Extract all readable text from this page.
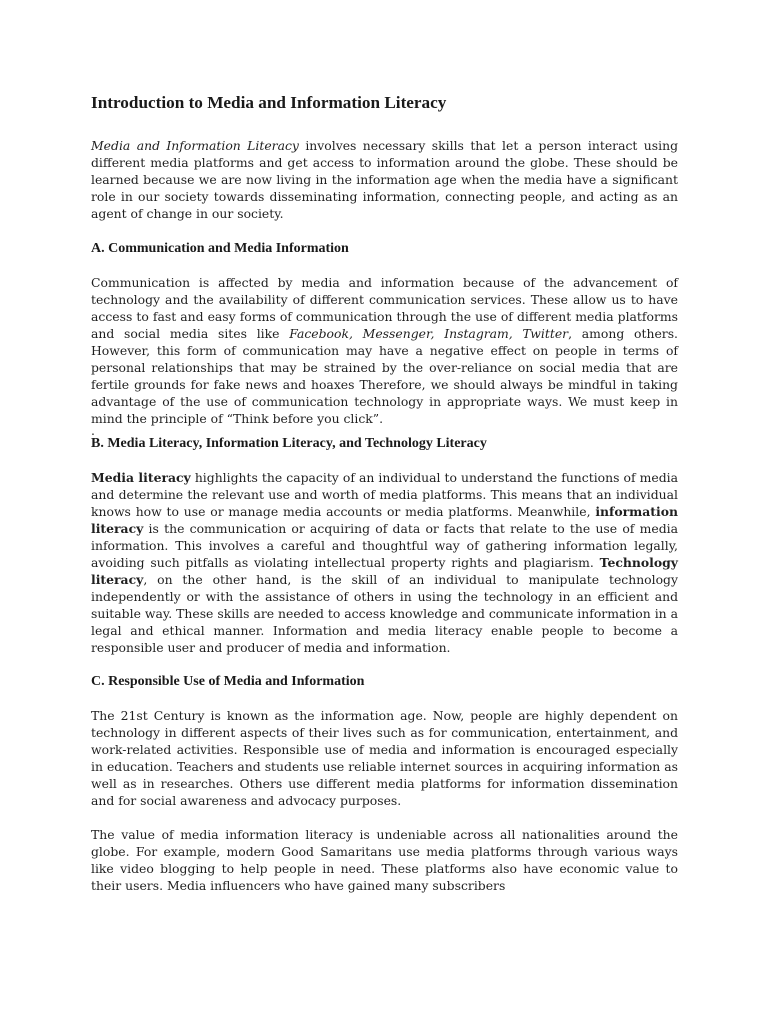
Introduction to Media and Information Literacy

Media and Information Literacy involves necessary skills that let a person interact using different media platforms and get access to information around the globe. These should be learned because we are now living in the information age when the media have a significant role in our society towards disseminating information, connecting people, and acting as an agent of change in our society.

A. Communication and Media Information

Communication is affected by media and information because of the advancement of technology and the availability of different communication services. These allow us to have access to fast and easy forms of communication through the use of different media platforms and social media sites like Facebook, Messenger, Instagram, Twitter, among others. However, this form of communication may have a negative effect on people in terms of personal relationships that may be strained by the over-reliance on social media that are fertile grounds for fake news and hoaxes Therefore, we should always be mindful in taking advantage of the use of communication technology in appropriate ways. We must keep in mind the principle of “Think before you click”.

.

B. Media Literacy, Information Literacy, and Technology Literacy

Media literacy highlights the capacity of an individual to understand the functions of media and determine the relevant use and worth of media platforms. This means that an individual knows how to use or manage media accounts or media platforms. Meanwhile, information literacy is the communication or acquiring of data or facts that relate to the use of media information. This involves a careful and thoughtful way of gathering information legally, avoiding such pitfalls as violating intellectual property rights and plagiarism. Technology literacy, on the other hand, is the skill of an individual to manipulate technology independently or with the assistance of others in using the technology in an efficient and suitable way. These skills are needed to access knowledge and communicate information in a legal and ethical manner. Information and media literacy enable people to become a responsible user and producer of media and information.

C. Responsible Use of Media and Information

The 21st Century is known as the information age. Now, people are highly dependent on technology in different aspects of their lives such as for communication, entertainment, and work-related activities. Responsible use of media and information is encouraged especially in education. Teachers and students use reliable internet sources in acquiring information as well as in researches. Others use different media platforms for information dissemination and for social awareness and advocacy purposes.

The value of media information literacy is undeniable across all nationalities around the globe. For example, modern Good Samaritans use media platforms through various ways like video blogging to help people in need. These platforms also have economic value to their users. Media influencers who have gained many subscribers
